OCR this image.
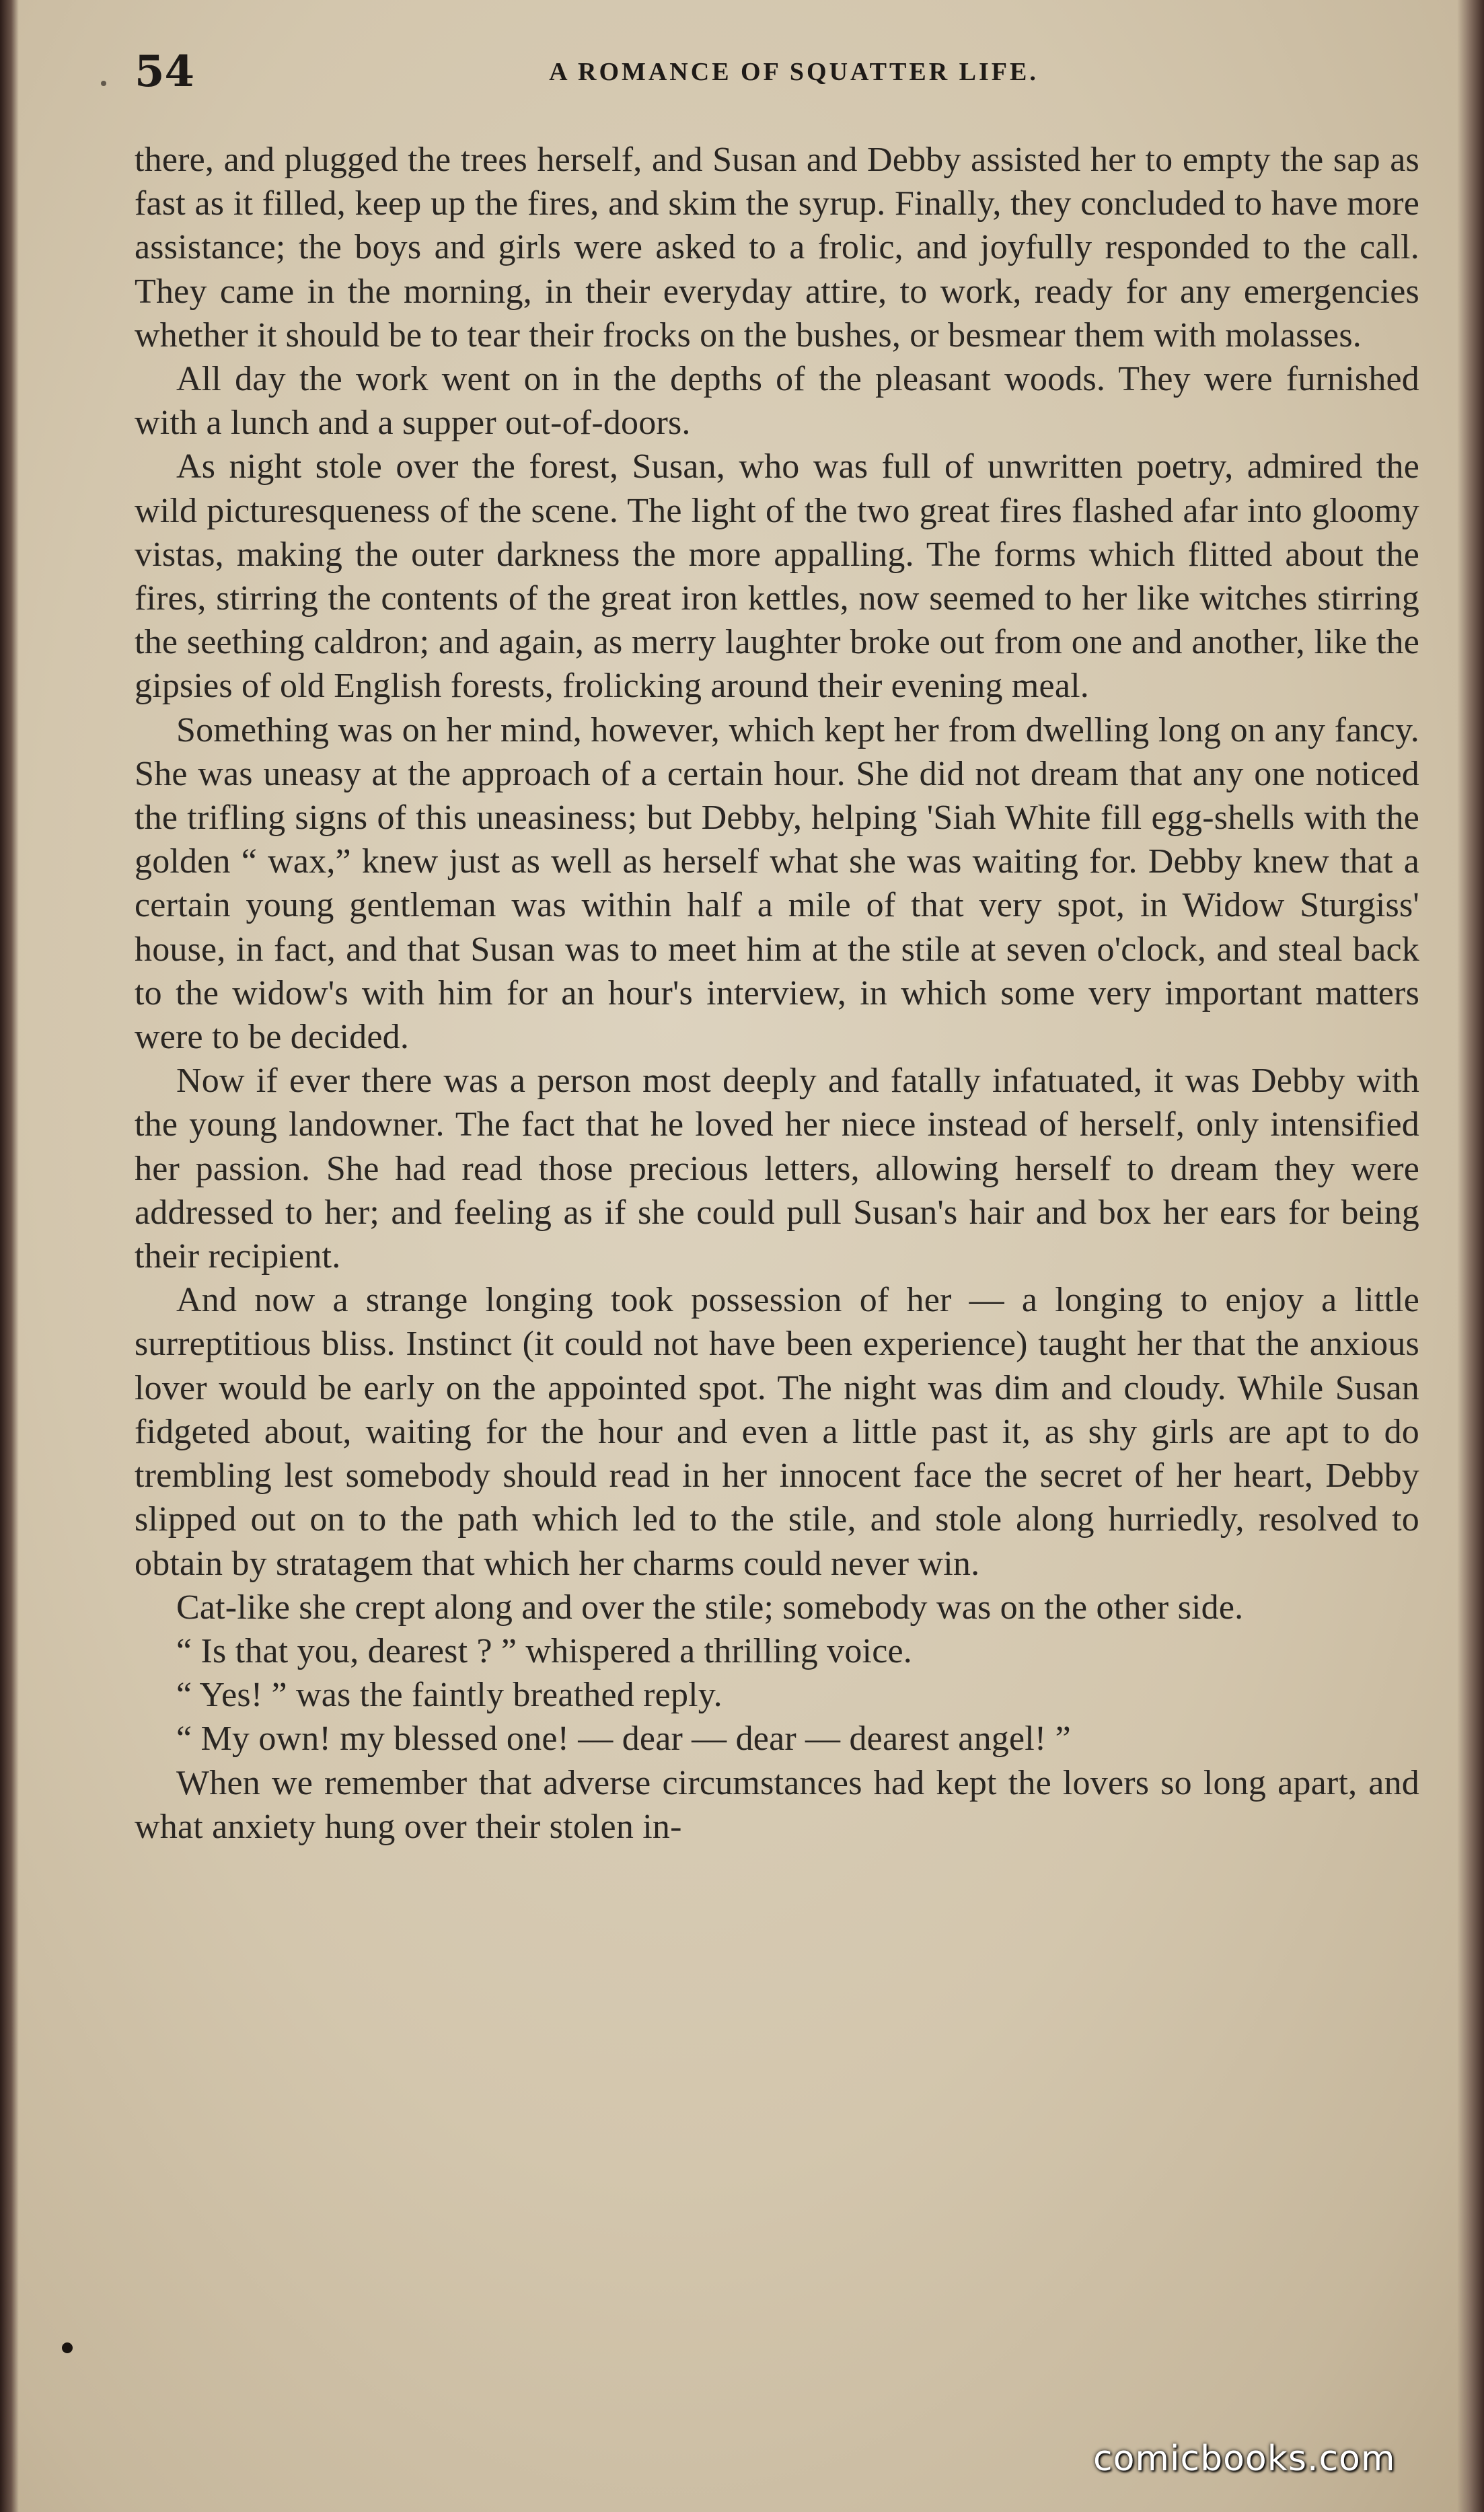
54	A ROMANCE OF SQUATTER LIFE.

there, and plugged the trees herself, and Susan and Debby assisted her to empty the sap as fast as it filled, keep up the fires, and skim the syrup. Finally, they concluded to have more assistance; the boys and girls were asked to a frolic, and joyfully responded to the call. They came in the morning, in their everyday attire, to work, ready for any emergencies whether it should be to tear their frocks on the bushes, or besmear them with molasses.

All day the work went on in the depths of the pleasant woods. They were furnished with a lunch and a supper out-of-doors.

As night stole over the forest, Susan, who was full of unwritten poetry, admired the wild picturesqueness of the scene. The light of the two great fires flashed afar into gloomy vistas, making the outer darkness the more appalling. The forms which flitted about the fires, stirring the contents of the great iron kettles, now seemed to her like witches stirring the seething caldron; and again, as merry laughter broke out from one and another, like the gipsies of old English forests, frolicking around their evening meal.

Something was on her mind, however, which kept her from dwelling long on any fancy. She was uneasy at the approach of a certain hour. She did not dream that any one noticed the trifling signs of this uneasiness; but Debby, helping 'Siah White fill egg-shells with the golden “ wax,” knew just as well as herself what she was waiting for. Debby knew that a certain young gentleman was within half a mile of that very spot, in Widow Sturgiss' house, in fact, and that Susan was to meet him at the stile at seven o'clock, and steal back to the widow's with him for an hour's interview, in which some very important matters were to be decided.

Now if ever there was a person most deeply and fatally infatuated, it was Debby with the young landowner. The fact that he loved her niece instead of herself, only intensified her passion. She had read those precious letters, allowing herself to dream they were addressed to her; and feeling as if she could pull Susan's hair and box her ears for being their recipient.

And now a strange longing took possession of her — a longing to enjoy a little surreptitious bliss. Instinct (it could not have been experience) taught her that the anxious lover would be early on the appointed spot. The night was dim and cloudy. While Susan fidgeted about, waiting for the hour and even a little past it, as shy girls are apt to do trembling lest somebody should read in her innocent face the secret of her heart, Debby slipped out on to the path which led to the stile, and stole along hurriedly, resolved to obtain by stratagem that which her charms could never win.

Cat-like she crept along and over the stile; somebody was on the other side.

“ Is that you, dearest ? ” whispered a thrilling voice.

“ Yes! ” was the faintly breathed reply.

“ My own! my blessed one! — dear — dear — dearest angel! ”

When we remember that adverse circumstances had kept the lovers so long apart, and what anxiety hung over their stolen in-

comicbooks.com
